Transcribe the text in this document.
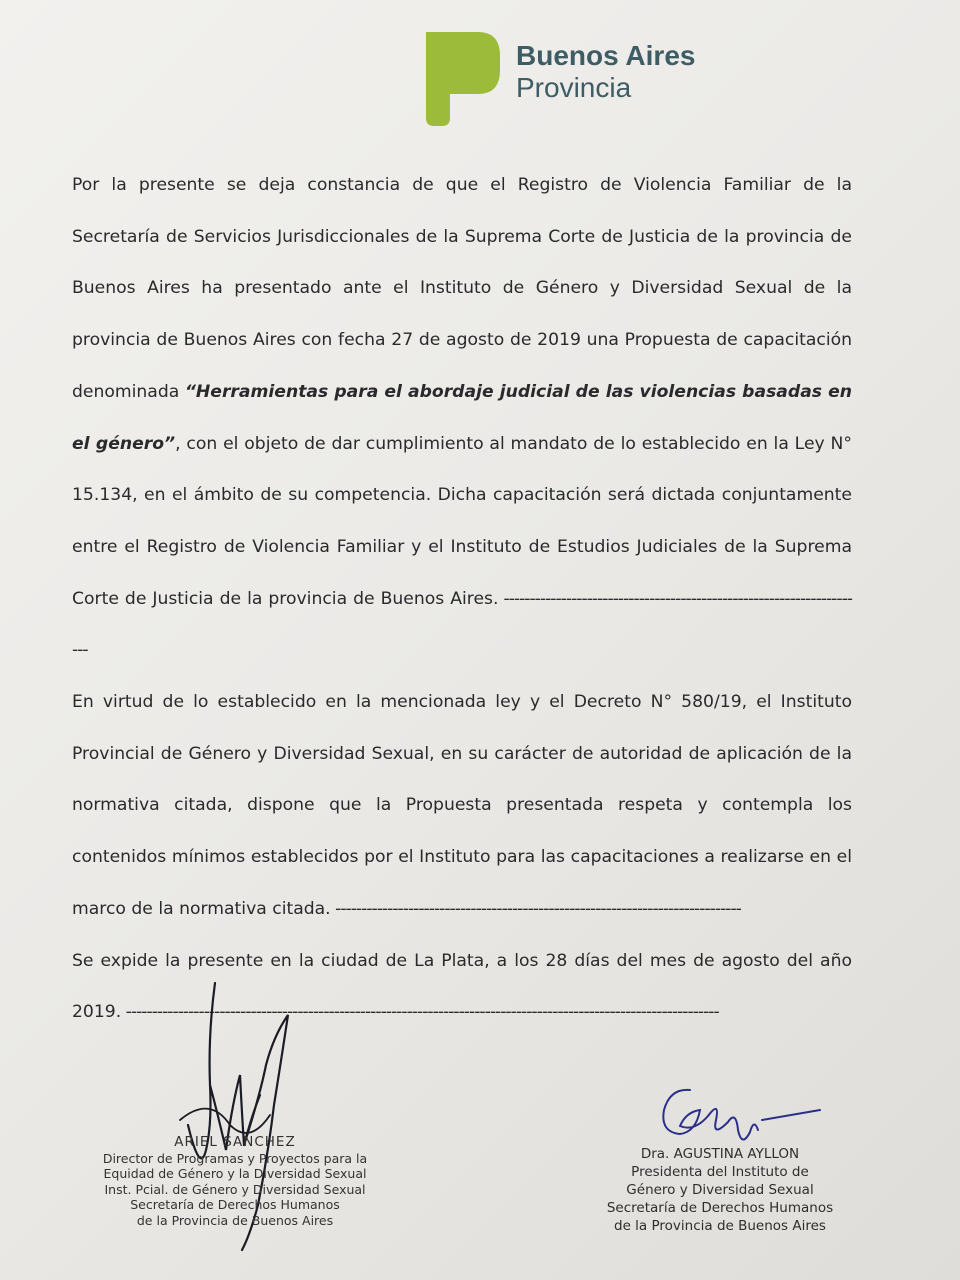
Buenos Aires
Provincia

Por la presente se deja constancia de que el Registro de Violencia Familiar de la Secretaría de Servicios Jurisdiccionales de la Suprema Corte de Justicia de la provincia de Buenos Aires ha presentado ante el Instituto de Género y Diversidad Sexual de la provincia de Buenos Aires con fecha 27 de agosto de 2019 una Propuesta de capacitación denominada “Herramientas para el abordaje judicial de las violencias basadas en el género”, con el objeto de dar cumplimiento al mandato de lo establecido en la Ley N° 15.134, en el ámbito de su competencia. Dicha capacitación será dictada conjuntamente entre el Registro de Violencia Familiar y el Instituto de Estudios Judiciales de la Suprema Corte de Justicia de la provincia de Buenos Aires. ----------------------------------------------------------------------

En virtud de lo establecido en la mencionada ley y el Decreto N° 580/19, el Instituto Provincial de Género y Diversidad Sexual, en su carácter de autoridad de aplicación de la normativa citada, dispone que la Propuesta presentada respeta y contempla los contenidos mínimos establecidos por el Instituto para las capacitaciones a realizarse en el marco de la normativa citada. ------------------------------------------------------------------------------

Se expide la presente en la ciudad de La Plata, a los 28 días del mes de agosto del año 2019. ------------------------------------------------------------------------------------------------------------------

ARIEL SANCHEZ
Director de Programas y Proyectos para la
Equidad de Género y la Diversidad Sexual
Inst. Pcial. de Género y Diversidad Sexual
Secretaría de Derechos Humanos
de la Provincia de Buenos Aires
Dra. AGUSTINA AYLLON
Presidenta del Instituto de
Género y Diversidad Sexual
Secretaría de Derechos Humanos
de la Provincia de Buenos Aires
